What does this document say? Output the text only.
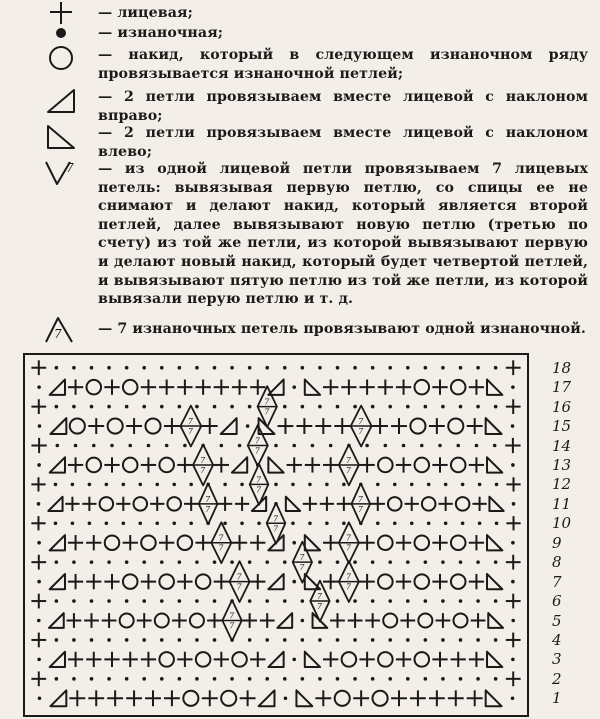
— лицевая;
— изнаночная;
— накид, который в следующем изнаночном ряду провязывается изнаночной петлей;
— 2 петли провязываем вместе лицевой с наклоном вправо;
— 2 петли провязываем вместе лицевой с наклоном влево;
7 — из одной лицевой петли провязываем 7 лицевых петель: вывязывая первую петлю, со спицы ее не снимают и делают накид, который является второй петлей, далее вывязывают новую петлю (третью по счету) из той же петли, из которой вывязывают первую и делают новый накид, который будет четвертой петлей, и вывязывают пятую петлю из той же петли, из которой вывязали перую петлю и т. д.
7	— 7 изнаночных петель провязывают одной изнаночной.
7
7
7
7
7
7
7
7
7
7
7
7
7
7
7
7
7
7
7
7
7
7
7
7
7
7
7
7
7
7
7
7
7
7
18
17
16
15
14
13
12
11
10
9
8
7
6
5
4
3
2
1
